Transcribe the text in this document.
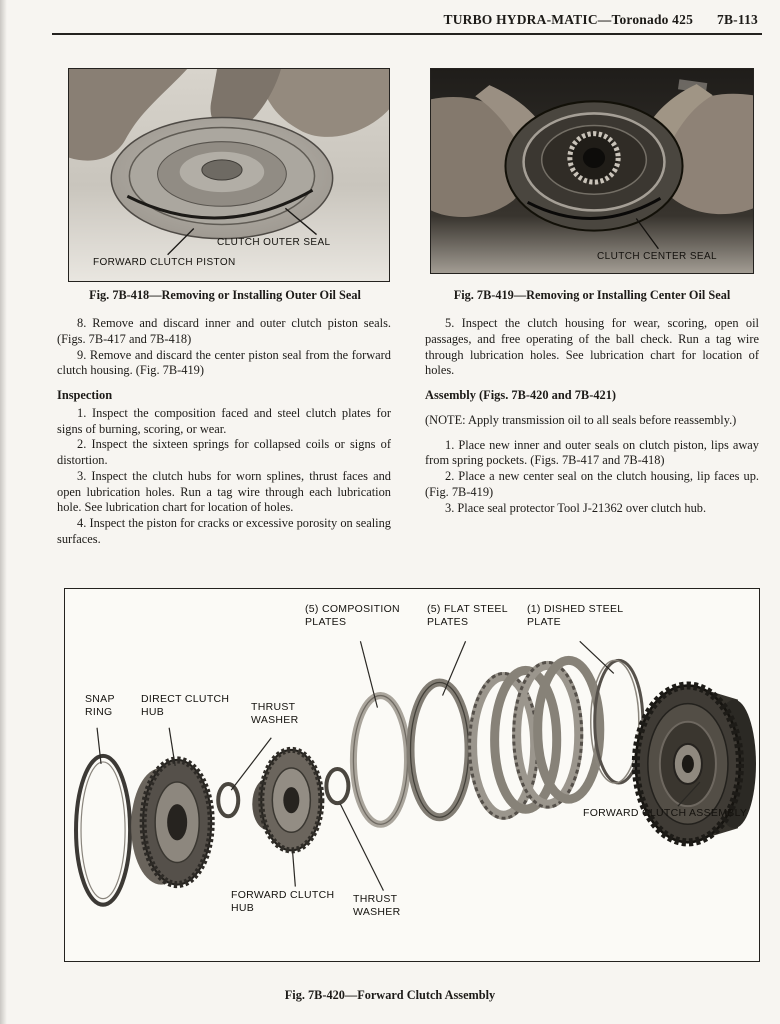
TURBO HYDRA-MATIC—Toronado 425 7B-113
CLUTCH OUTER SEAL
FORWARD CLUTCH PISTON
Fig. 7B-418—Removing or Installing Outer Oil Seal
CLUTCH CENTER SEAL
Fig. 7B-419—Removing or Installing Center Oil Seal

8. Remove and discard inner and outer clutch piston seals. (Figs. 7B-417 and 7B-418)

9. Remove and discard the center piston seal from the forward clutch housing. (Fig. 7B-419)

Inspection

1. Inspect the composition faced and steel clutch plates for signs of burning, scoring, or wear.

2. Inspect the sixteen springs for collapsed coils or signs of distortion.

3. Inspect the clutch hubs for worn splines, thrust faces and open lubrication holes. Run a tag wire through each lubrication hole. See lubrication chart for location of holes.

4. Inspect the piston for cracks or excessive porosity on sealing surfaces.

5. Inspect the clutch housing for wear, scoring, open oil passages, and free operating of the ball check. Run a tag wire through lubrication holes. See lubrication chart for location of holes.

Assembly (Figs. 7B-420 and 7B-421)

(NOTE: Apply transmission oil to all seals before reassembly.)

1. Place new inner and outer seals on clutch piston, lips away from spring pockets. (Figs. 7B-417 and 7B-418)

2. Place a new center seal on the clutch housing, lip faces up. (Fig. 7B-419)

3. Place seal protector Tool J-21362 over clutch hub.

(5) COMPOSITION PLATES
(5) FLAT STEEL PLATES
(1) DISHED STEEL PLATE
SNAP RING
DIRECT CLUTCH HUB	THRUST WASHER
FORWARD CLUTCH HUB
THRUST WASHER
FORWARD CLUTCH ASSEMBLY
Fig. 7B-420—Forward Clutch Assembly
